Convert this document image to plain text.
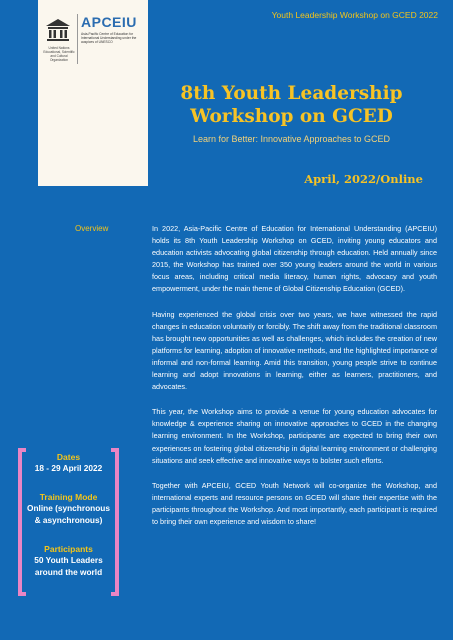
United Nations Educational, Scientific and Cultural Organization
APCEIU
Asia-Pacific Centre of Education for International Understanding under the auspices of UNESCO
Youth Leadership Workshop on GCED 2022
8th Youth Leadership
Workshop on GCED
Learn for Better: Innovative Approaches to GCED
April, 2022/Online
Overview	In 2022, Asia-Pacific Centre of Education for International Understanding (APCEIU) holds its 8th Youth Leadership Workshop on GCED, inviting young educators and education activists advocating global citizenship through education. Held annually since 2015, the Workshop has trained over 350 young leaders around the world in various focus areas, including critical media literacy, human rights, advocacy and youth empowerment, under the main theme of Global Citizenship Education (GCED).

Having experienced the global crisis over two years, we have witnessed the rapid changes in education voluntarily or forcibly. The shift away from the traditional classroom has brought new opportunities as well as challenges, which includes the creation of new platforms for learning, adoption of innovative methods, and the highlighted importance of informal and non-formal learning. Amid this transition, young people strive to continue learning and adopt innovations in learning, either as learners, practitioners, and advocates.

This year, the Workshop aims to provide a venue for young education advocates for knowledge & experience sharing on innovative approaches to GCED in the changing learning environment. In the Workshop, participants are expected to bring their own experiences on fostering global citizenship in digital learning environment or challenging situations and seek effective and innovative ways to bolster such efforts.

Together with APCEIU, GCED Youth Network will co-organize the Workshop, and international experts and resource persons on GCED will share their expertise with the participants throughout the Workshop. And most importantly, each participant is required to bring their own experience and wisdom to share!

Dates

18 - 29 April 2022

Training Mode

Online (synchronous

& asynchronous)

Participants

50 Youth Leaders

around the world
